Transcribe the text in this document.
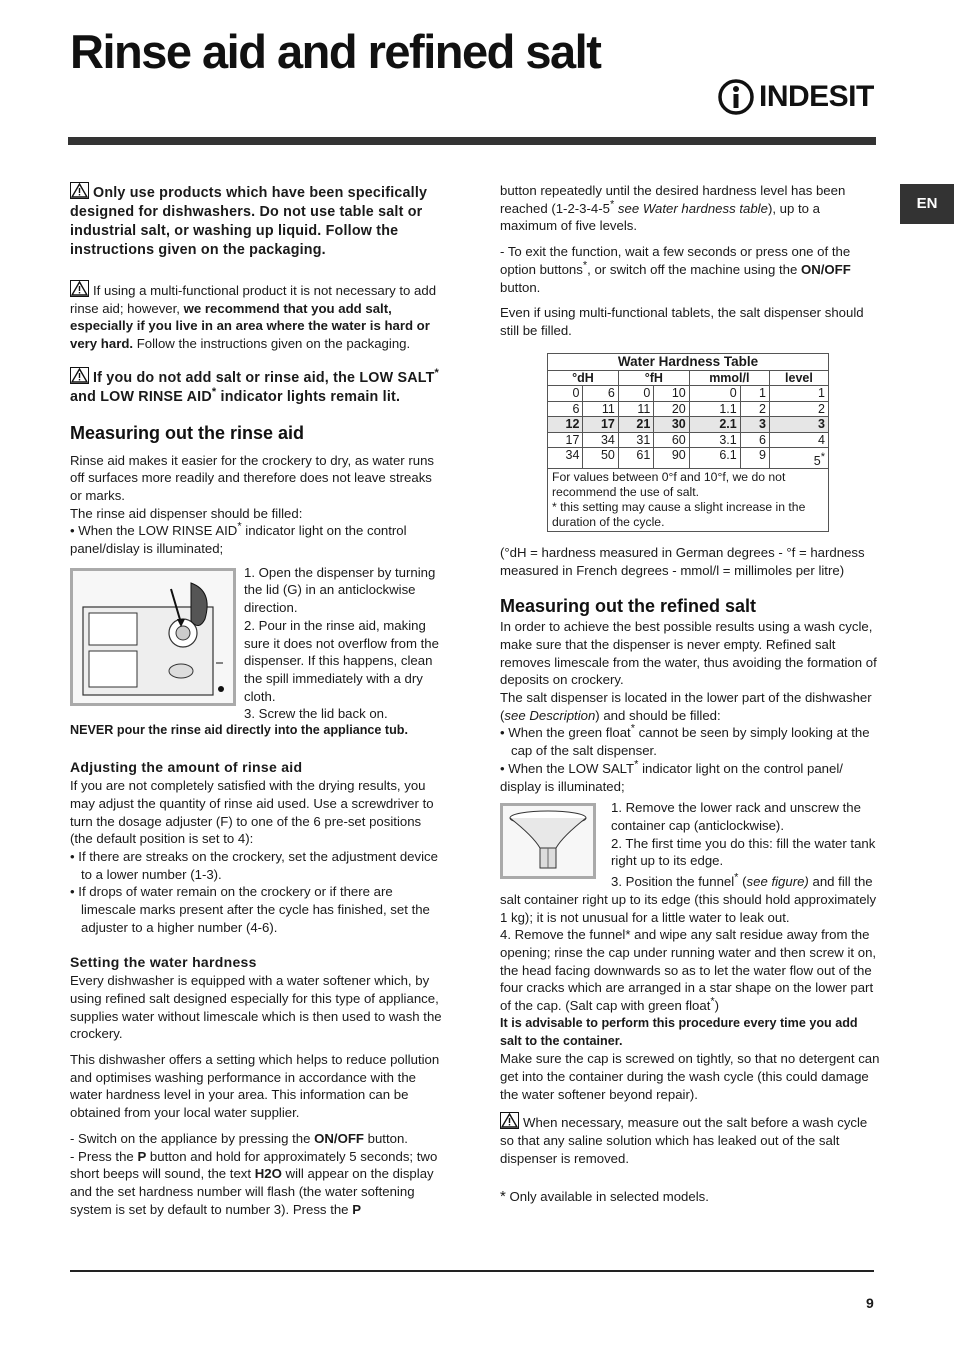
Rinse aid and refined salt
INDESIT
EN

Only use products which have been specifically designed for dishwashers. Do not use table salt or industrial salt, or washing up liquid. Follow the instructions given on the packaging.

If using a multi-functional product it is not necessary to add rinse aid; however, we recommend that you add salt, especially if you live in an area where the water is hard or very hard. Follow the instructions given on the packaging.

If you do not add salt or rinse aid, the LOW SALT* and LOW RINSE AID* indicator lights remain lit.

Measuring out the rinse aid

Rinse aid makes it easier for the crockery to dry, as water runs off surfaces more readily and therefore does not leave streaks or marks.

The rinse aid dispenser should be filled:

• When the LOW RINSE AID* indicator light on the control panel/dislay is illuminated;

1. Open the dispenser by turning the lid (G) in an anticlockwise direction.

2. Pour in the rinse aid, making sure it does not overflow from the dispenser. If this happens, clean the spill immediately with a dry cloth.

3. Screw the lid back on.

NEVER pour the rinse aid directly into the appliance tub.

Adjusting the amount of rinse aid

If you are not completely satisfied with the drying results, you may adjust the quantity of rinse aid used. Use a screwdriver to turn the dosage adjuster (F) to one of the 6 pre-set positions (the default position is set to 4):

• If there are streaks on the crockery, set the adjustment device to a lower number (1-3).

• If drops of water remain on the crockery or if there are limescale marks present after the cycle has finished, set the adjuster to a higher number (4-6).

Setting the water hardness

Every dishwasher is equipped with a water softener which, by using refined salt designed especially for this type of appliance, supplies water without limescale which is then used to wash the crockery.

This dishwasher offers a setting which helps to reduce pollution and optimises washing performance in accordance with the water hardness level in your area. This information can be obtained from your local water supplier.

- Switch on the appliance by pressing the ON/OFF button.

- Press the P button and hold for approximately 5 seconds; two short beeps will sound, the text H2O will appear on the display and the set hardness number will flash (the water softening system is set by default to number 3). Press the P

button repeatedly until the desired hardness level has been reached (1-2-3-4-5* see Water hardness table), up to a maximum of five levels.

- To exit the function, wait a few seconds or press one of the option buttons*, or switch off the machine using the ON/OFF button.

Even if using multi-functional tablets, the salt dispenser should still be filled.

Water Hardness Table						
°dH		°fH		mmol/l		level
0	6	0	10	0	1	1
6	11	11	20	1.1	2	2
12	17	21	30	2.1	3	3
17	34	31	60	3.1	6	4
34	50	61	90	6.1	9	5*

For values between 0°f and 10°f, we do not recommend the use of salt.
* this setting may cause a slight increase in the duration of the cycle.						

(°dH = hardness measured in German degrees - °f = hardness measured in French degrees - mmol/l = millimoles per litre)

Measuring out the refined salt

In order to achieve the best possible results using a wash cycle, make sure that the dispenser is never empty. Refined salt removes limescale from the water, thus avoiding the formation of deposits on crockery.

The salt dispenser is located in the lower part of the dishwasher (see Description) and should be filled:

• When the green float* cannot be seen by simply looking at the cap of the salt dispenser.

• When the LOW SALT* indicator light on the control panel/ display is illuminated;

1. Remove the lower rack and unscrew the container cap (anticlockwise).

2. The first time you do this: fill the water tank right up to its edge.

3. Position the funnel* (see figure) and fill the salt container right up to its edge (this should hold approximately 1 kg); it is not unusual for a little water to leak out.

4. Remove the funnel* and wipe any salt residue away from the opening; rinse the cap under running water and then screw it on, the head facing downwards so as to let the water flow out of the four cracks which are arranged in a star shape on the lower part of the cap. (Salt cap with green float*)

It is advisable to perform this procedure every time you add salt to the container.

Make sure the cap is screwed on tightly, so that no detergent can get into the container during the wash cycle (this could damage the water softener beyond repair).

When necessary, measure out the salt before a wash cycle so that any saline solution which has leaked out of the salt dispenser is removed.

* Only available in selected models.

9
